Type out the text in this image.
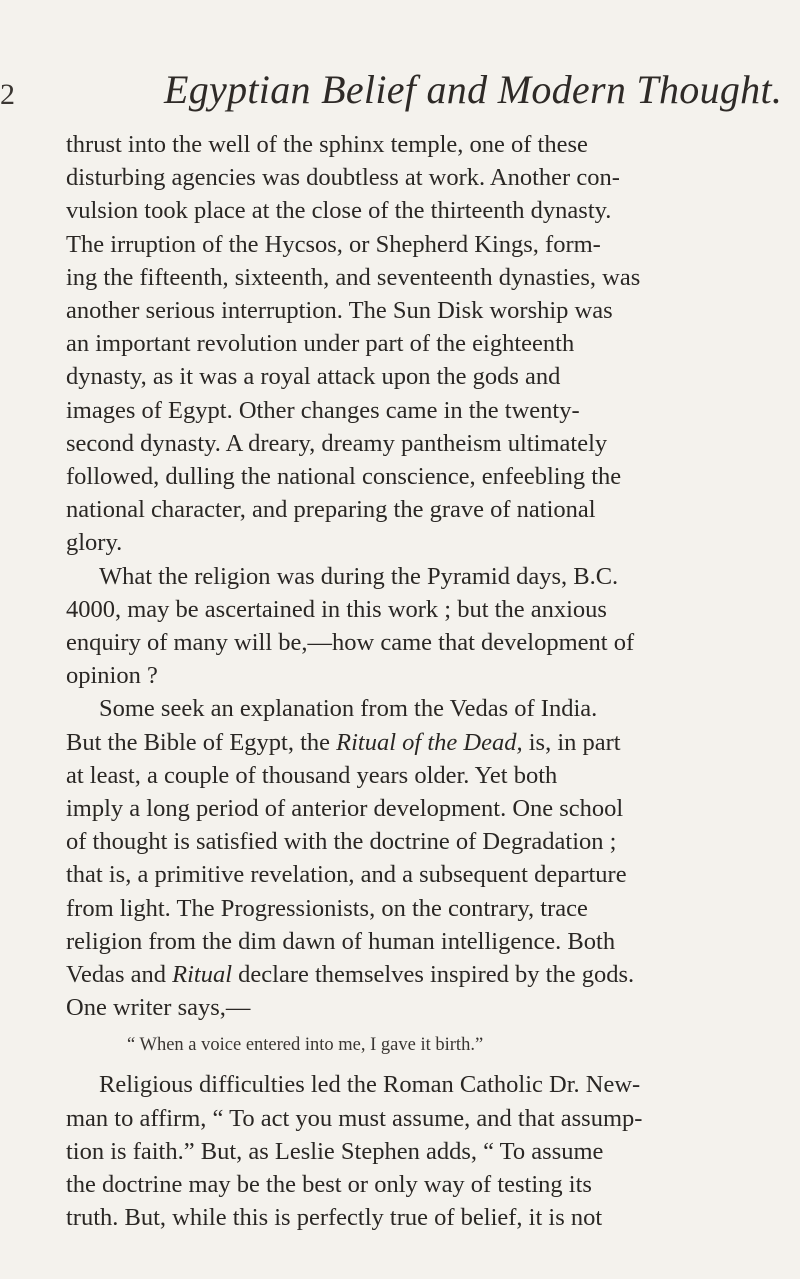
2	Egyptian Belief and Modern Thought.

thrust into the well of the sphinx temple, one of these
disturbing agencies was doubtless at work. Another con-
vulsion took place at the close of the thirteenth dynasty.
The irruption of the Hycsos, or Shepherd Kings, form-
ing the fifteenth, sixteenth, and seventeenth dynasties, was
another serious interruption. The Sun Disk worship was
an important revolution under part of the eighteenth
dynasty, as it was a royal attack upon the gods and
images of Egypt. Other changes came in the twenty-
second dynasty. A dreary, dreamy pantheism ultimately
followed, dulling the national conscience, enfeebling the
national character, and preparing the grave of national
glory.

What the religion was during the Pyramid days, B.C.
4000, may be ascertained in this work ; but the anxious
enquiry of many will be,—how came that development of
opinion ?

Some seek an explanation from the Vedas of India.
But the Bible of Egypt, the Ritual of the Dead, is, in part
at least, a couple of thousand years older. Yet both
imply a long period of anterior development. One school
of thought is satisfied with the doctrine of Degradation ;
that is, a primitive revelation, and a subsequent departure
from light. The Progressionists, on the contrary, trace
religion from the dim dawn of human intelligence. Both
Vedas and Ritual declare themselves inspired by the gods.
One writer says,—

“ When a voice entered into me, I gave it birth.”

Religious difficulties led the Roman Catholic Dr. New-
man to affirm, “ To act you must assume, and that assump-
tion is faith.” But, as Leslie Stephen adds, “ To assume
the doctrine may be the best or only way of testing its
truth. But, while this is perfectly true of belief, it is not
